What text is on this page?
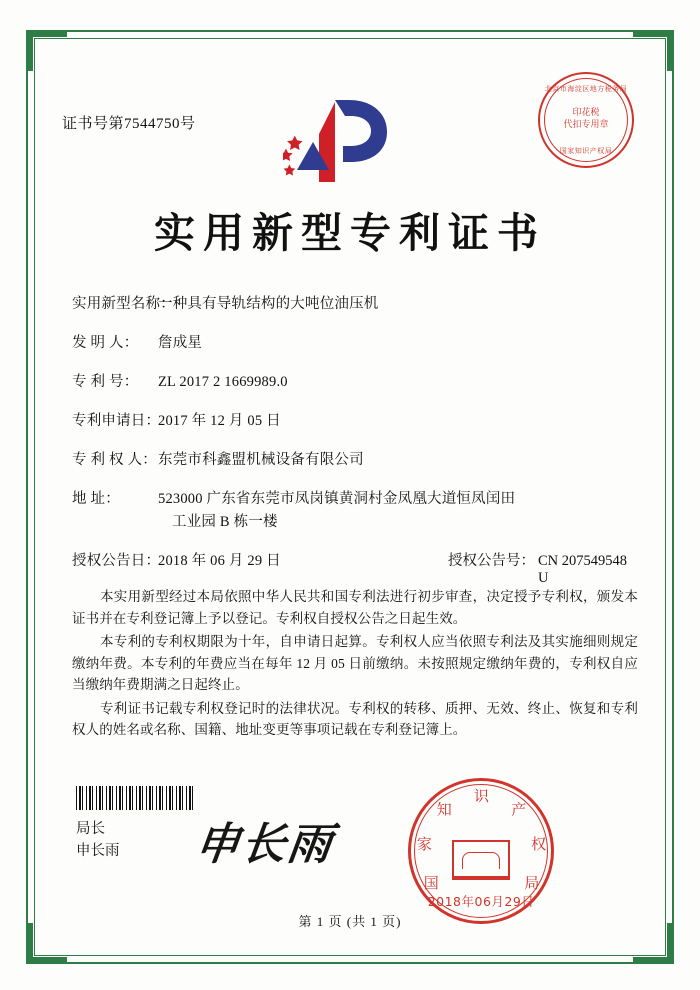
证书号第7544750号
北京市海淀区地方税务局
印花税
代扣专用章
国家知识产权局
实用新型专利证书
实用新型名称：
一种具有导轨结构的大吨位油压机
发 明 人：	詹成星
专 利 号：	ZL 2017 2 1669989.0
专利申请日：
2017 年 12 月 05 日
专 利 权 人： 东莞市科鑫盟机械设备有限公司
地 址：	523000 广东省东莞市凤岗镇黄洞村金凤凰大道恒凤闰田
工业园 B 栋一楼
授权公告日：
2018 年 06 月 29 日	授权公告号： CN 207549548 U

本实用新型经过本局依照中华人民共和国专利法进行初步审查，决定授予专利权，颁发本证书并在专利登记簿上予以登记。专利权自授权公告之日起生效。

本专利的专利权期限为十年，自申请日起算。专利权人应当依照专利法及其实施细则规定缴纳年费。本专利的年费应当在每年 12 月 05 日前缴纳。未按照规定缴纳年费的，专利权自应当缴纳年费期满之日起终止。

专利证书记载专利权登记时的法律状况。专利权的转移、质押、无效、终止、恢复和专利权人的姓名或名称、国籍、地址变更等事项记载在专利登记簿上。

局长
申长雨 申长雨
国
家
知
识
产
权
局
2018年06月29日
第 1 页 (共 1 页)
